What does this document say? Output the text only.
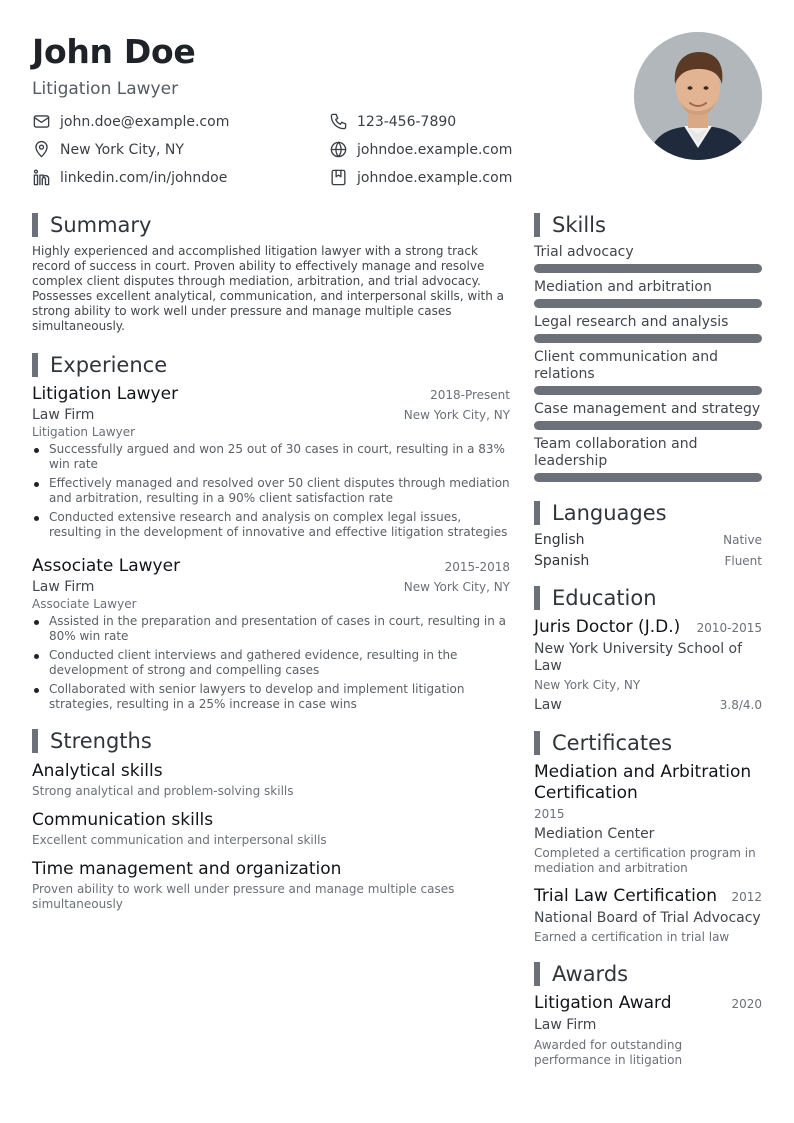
John Doe
Litigation Lawyer
john.doe@example.com	123-456-7890
New York City, NY	johndoe.example.com
linkedin.com/in/johndoe	johndoe.example.com
Summary

Highly experienced and accomplished litigation lawyer with a strong track record of success in court. Proven ability to effectively manage and resolve complex client disputes through mediation, arbitration, and trial advocacy. Possesses excellent analytical, communication, and interpersonal skills, with a strong ability to work well under pressure and manage multiple cases simultaneously.

Experience
Litigation Lawyer	2018-Present
Law Firm	New York City, NY
Litigation Lawyer
Successfully argued and won 25 out of 30 cases in court, resulting in a 83% win rate
Effectively managed and resolved over 50 client disputes through mediation and arbitration, resulting in a 90% client satisfaction rate
Conducted extensive research and analysis on complex legal issues, resulting in the development of innovative and effective litigation strategies
Associate Lawyer	2015-2018
Law Firm	New York City, NY
Associate Lawyer
Assisted in the preparation and presentation of cases in court, resulting in a 80% win rate
Conducted client interviews and gathered evidence, resulting in the development of strong and compelling cases
Collaborated with senior lawyers to develop and implement litigation strategies, resulting in a 25% increase in case wins
Strengths
Analytical skills
Strong analytical and problem-solving skills
Communication skills
Excellent communication and interpersonal skills
Time management and organization
Proven ability to work well under pressure and manage multiple cases simultaneously
Skills
Trial advocacy
Mediation and arbitration
Legal research and analysis
Client communication and relations
Case management and strategy
Team collaboration and leadership
Languages
English	Native
Spanish	Fluent
Education
Juris Doctor (J.D.) 2010-2015
New York University School of Law
New York City, NY
Law	3.8/4.0
Certificates
Mediation and Arbitration Certification
2015
Mediation Center
Completed a certification program in mediation and arbitration
Trial Law Certification 2012
National Board of Trial Advocacy
Earned a certification in trial law
Awards
Litigation Award	2020
Law Firm
Awarded for outstanding performance in litigation
